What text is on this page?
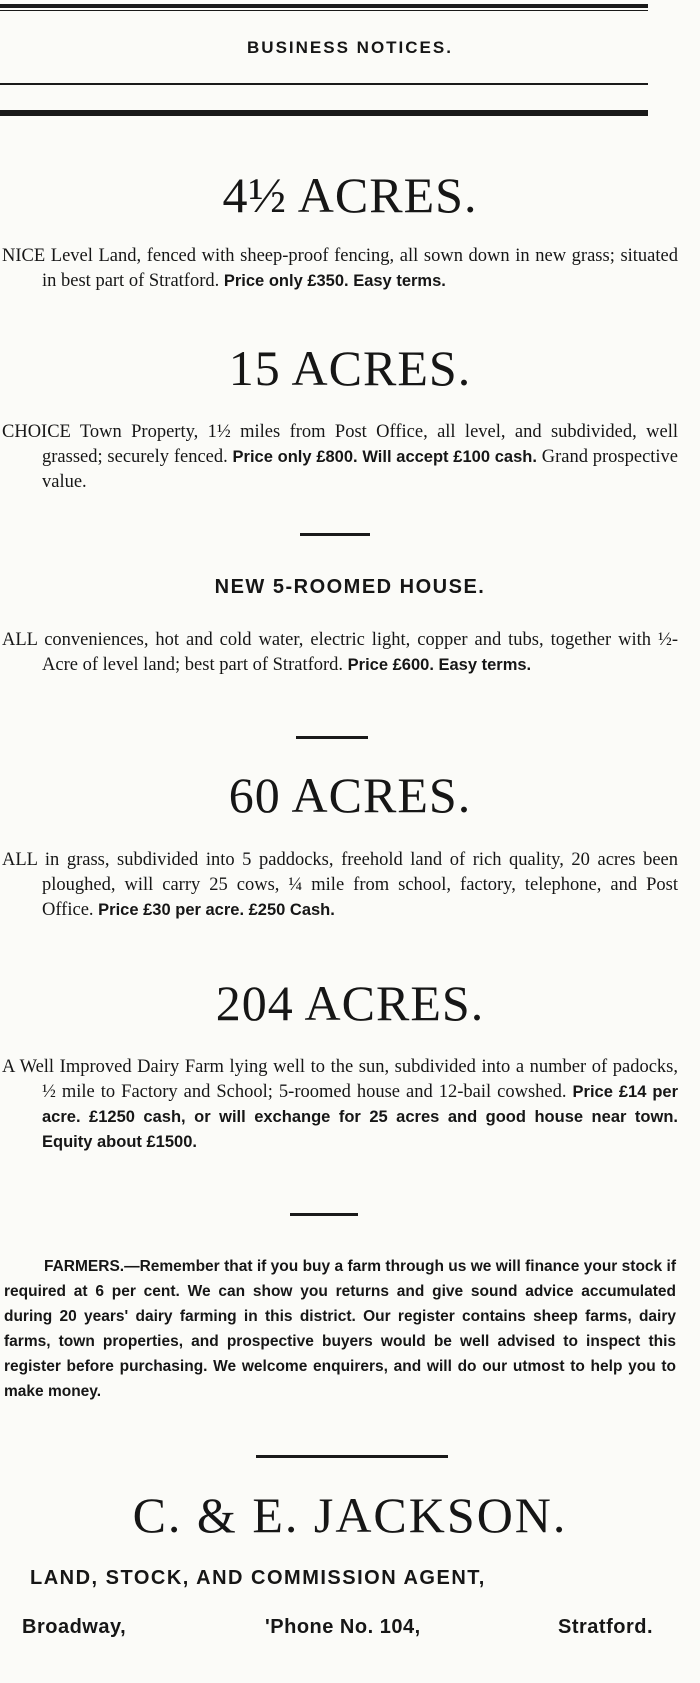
BUSINESS NOTICES.
4½ ACRES.
NICE Level Land, fenced with sheep-proof fencing, all sown down in new grass; situated in best part of Stratford. Price only £350. Easy terms.
15 ACRES.
CHOICE Town Property, 1½ miles from Post Office, all level, and subdivided, well grassed; securely fenced. Price only £800. Will accept £100 cash. Grand prospective value.
NEW 5-ROOMED HOUSE.
ALL conveniences, hot and cold water, electric light, copper and tubs, together with ½-Acre of level land; best part of Stratford. Price £600. Easy terms.
60 ACRES.
ALL in grass, subdivided into 5 paddocks, freehold land of rich quality, 20 acres been ploughed, will carry 25 cows, ¼ mile from school, factory, telephone, and Post Office. Price £30 per acre. £250 Cash.
204 ACRES.
A Well Improved Dairy Farm lying well to the sun, subdivided into a number of padocks, ½ mile to Factory and School; 5-roomed house and 12-bail cowshed. Price £14 per acre. £1250 cash, or will exchange for 25 acres and good house near town. Equity about £1500.
FARMERS.—Remember that if you buy a farm through us we will finance your stock if required at 6 per cent. We can show you returns and give sound advice accumulated during 20 years' dairy farming in this district. Our register contains sheep farms, dairy farms, town properties, and prospective buyers would be well advised to inspect this register before purchasing. We welcome enquirers, and will do our utmost to help you to make money.
C. & E. JACKSON.
LAND, STOCK, AND COMMISSION AGENT,
Broadway,	'Phone No. 104,	Stratford.
